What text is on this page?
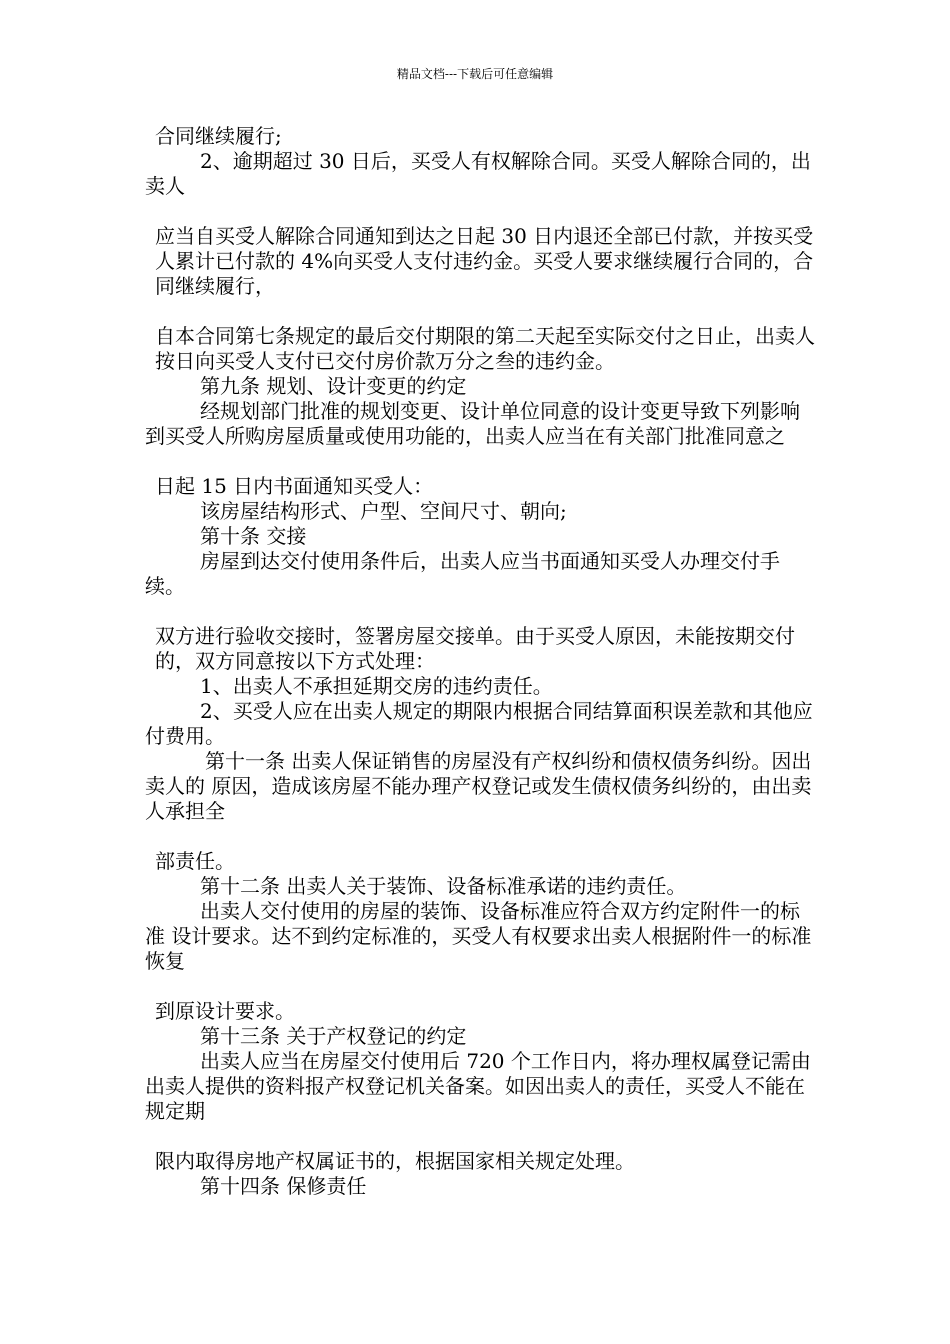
精品文档---下载后可任意编辑

合同继续履行;

2、逾期超过 30 日后，买受人有权解除合同。买受人解除合同的，出卖人

应当自买受人解除合同通知到达之日起 30 日内退还全部已付款，并按买受人累计已付款的 4%向买受人支付违约金。买受人要求继续履行合同的，合同继续履行，

自本合同第七条规定的最后交付期限的第二天起至实际交付之日止，出卖人 按日向买受人支付已交付房价款万分之叁的违约金。

第九条 规划、设计变更的约定

经规划部门批准的规划变更、设计单位同意的设计变更导致下列影响 到买受人所购房屋质量或使用功能的，出卖人应当在有关部门批准同意之

日起 15 日内书面通知买受人：

该房屋结构形式、户型、空间尺寸、朝向;

第十条 交接

房屋到达交付使用条件后，出卖人应当书面通知买受人办理交付手续。

双方进行验收交接时，签署房屋交接单。由于买受人原因，未能按期交付的，双方同意按以下方式处理：

1、出卖人不承担延期交房的违约责任。

2、买受人应在出卖人规定的期限内根据合同结算面积误差款和其他应 付费用。

第十一条 出卖人保证销售的房屋没有产权纠纷和债权债务纠纷。因出卖人的 原因，造成该房屋不能办理产权登记或发生债权债务纠纷的，由出卖人承担全

部责任。

第十二条 出卖人关于装饰、设备标准承诺的违约责任。

出卖人交付使用的房屋的装饰、设备标准应符合双方约定附件一的标准 设计要求。达不到约定标准的，买受人有权要求出卖人根据附件一的标准恢复

到原设计要求。

第十三条 关于产权登记的约定

出卖人应当在房屋交付使用后 720 个工作日内，将办理权属登记需由出卖人提供的资料报产权登记机关备案。如因出卖人的责任，买受人不能在规定期

限内取得房地产权属证书的，根据国家相关规定处理。

第十四条 保修责任
